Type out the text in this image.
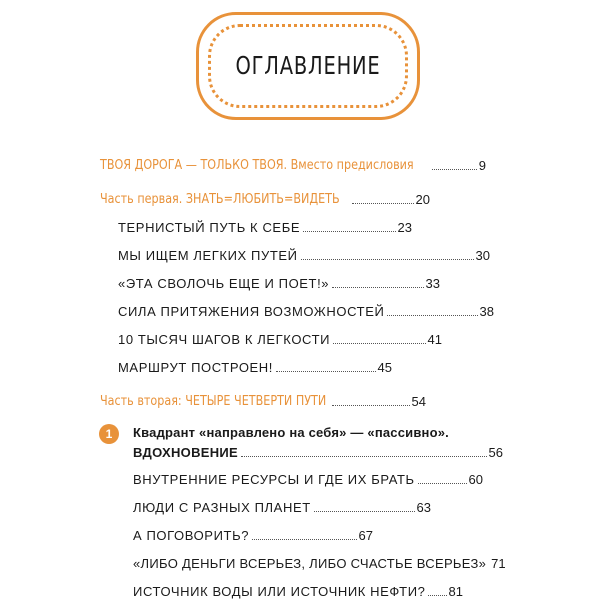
ОГЛАВЛЕНИЕ
ТВОЯ ДОРОГА — ТОЛЬКО ТВОЯ. Вместо предисловия	9
Часть первая. ЗНАТЬ=ЛЮБИТЬ=ВИДЕТЬ	20
ТЕРНИСТЫЙ ПУТЬ К СЕБЕ	23
МЫ ИЩЕМ ЛЕГКИХ ПУТЕЙ	30
«ЭТА СВОЛОЧЬ ЕЩЕ И ПОЕТ!»	33
СИЛА ПРИТЯЖЕНИЯ ВОЗМОЖНОСТЕЙ	38
10 ТЫСЯЧ ШАГОВ К ЛЕГКОСТИ	41
МАРШРУТ ПОСТРОЕН!	45
Часть вторая: ЧЕТЫРЕ ЧЕТВЕРТИ ПУТИ	54
1	Квадрант «направлено на себя» — «пассивно».
ВДОХНОВЕНИЕ	56
ВНУТРЕННИЕ РЕСУРСЫ И ГДЕ ИХ БРАТЬ	60
ЛЮДИ С РАЗНЫХ ПЛАНЕТ	63
А ПОГОВОРИТЬ?	67
«ЛИБО ДЕНЬГИ ВСЕРЬЕЗ, ЛИБО СЧАСТЬЕ ВСЕРЬЕЗ» 71
ИСТОЧНИК ВОДЫ ИЛИ ИСТОЧНИК НЕФТИ? 81
